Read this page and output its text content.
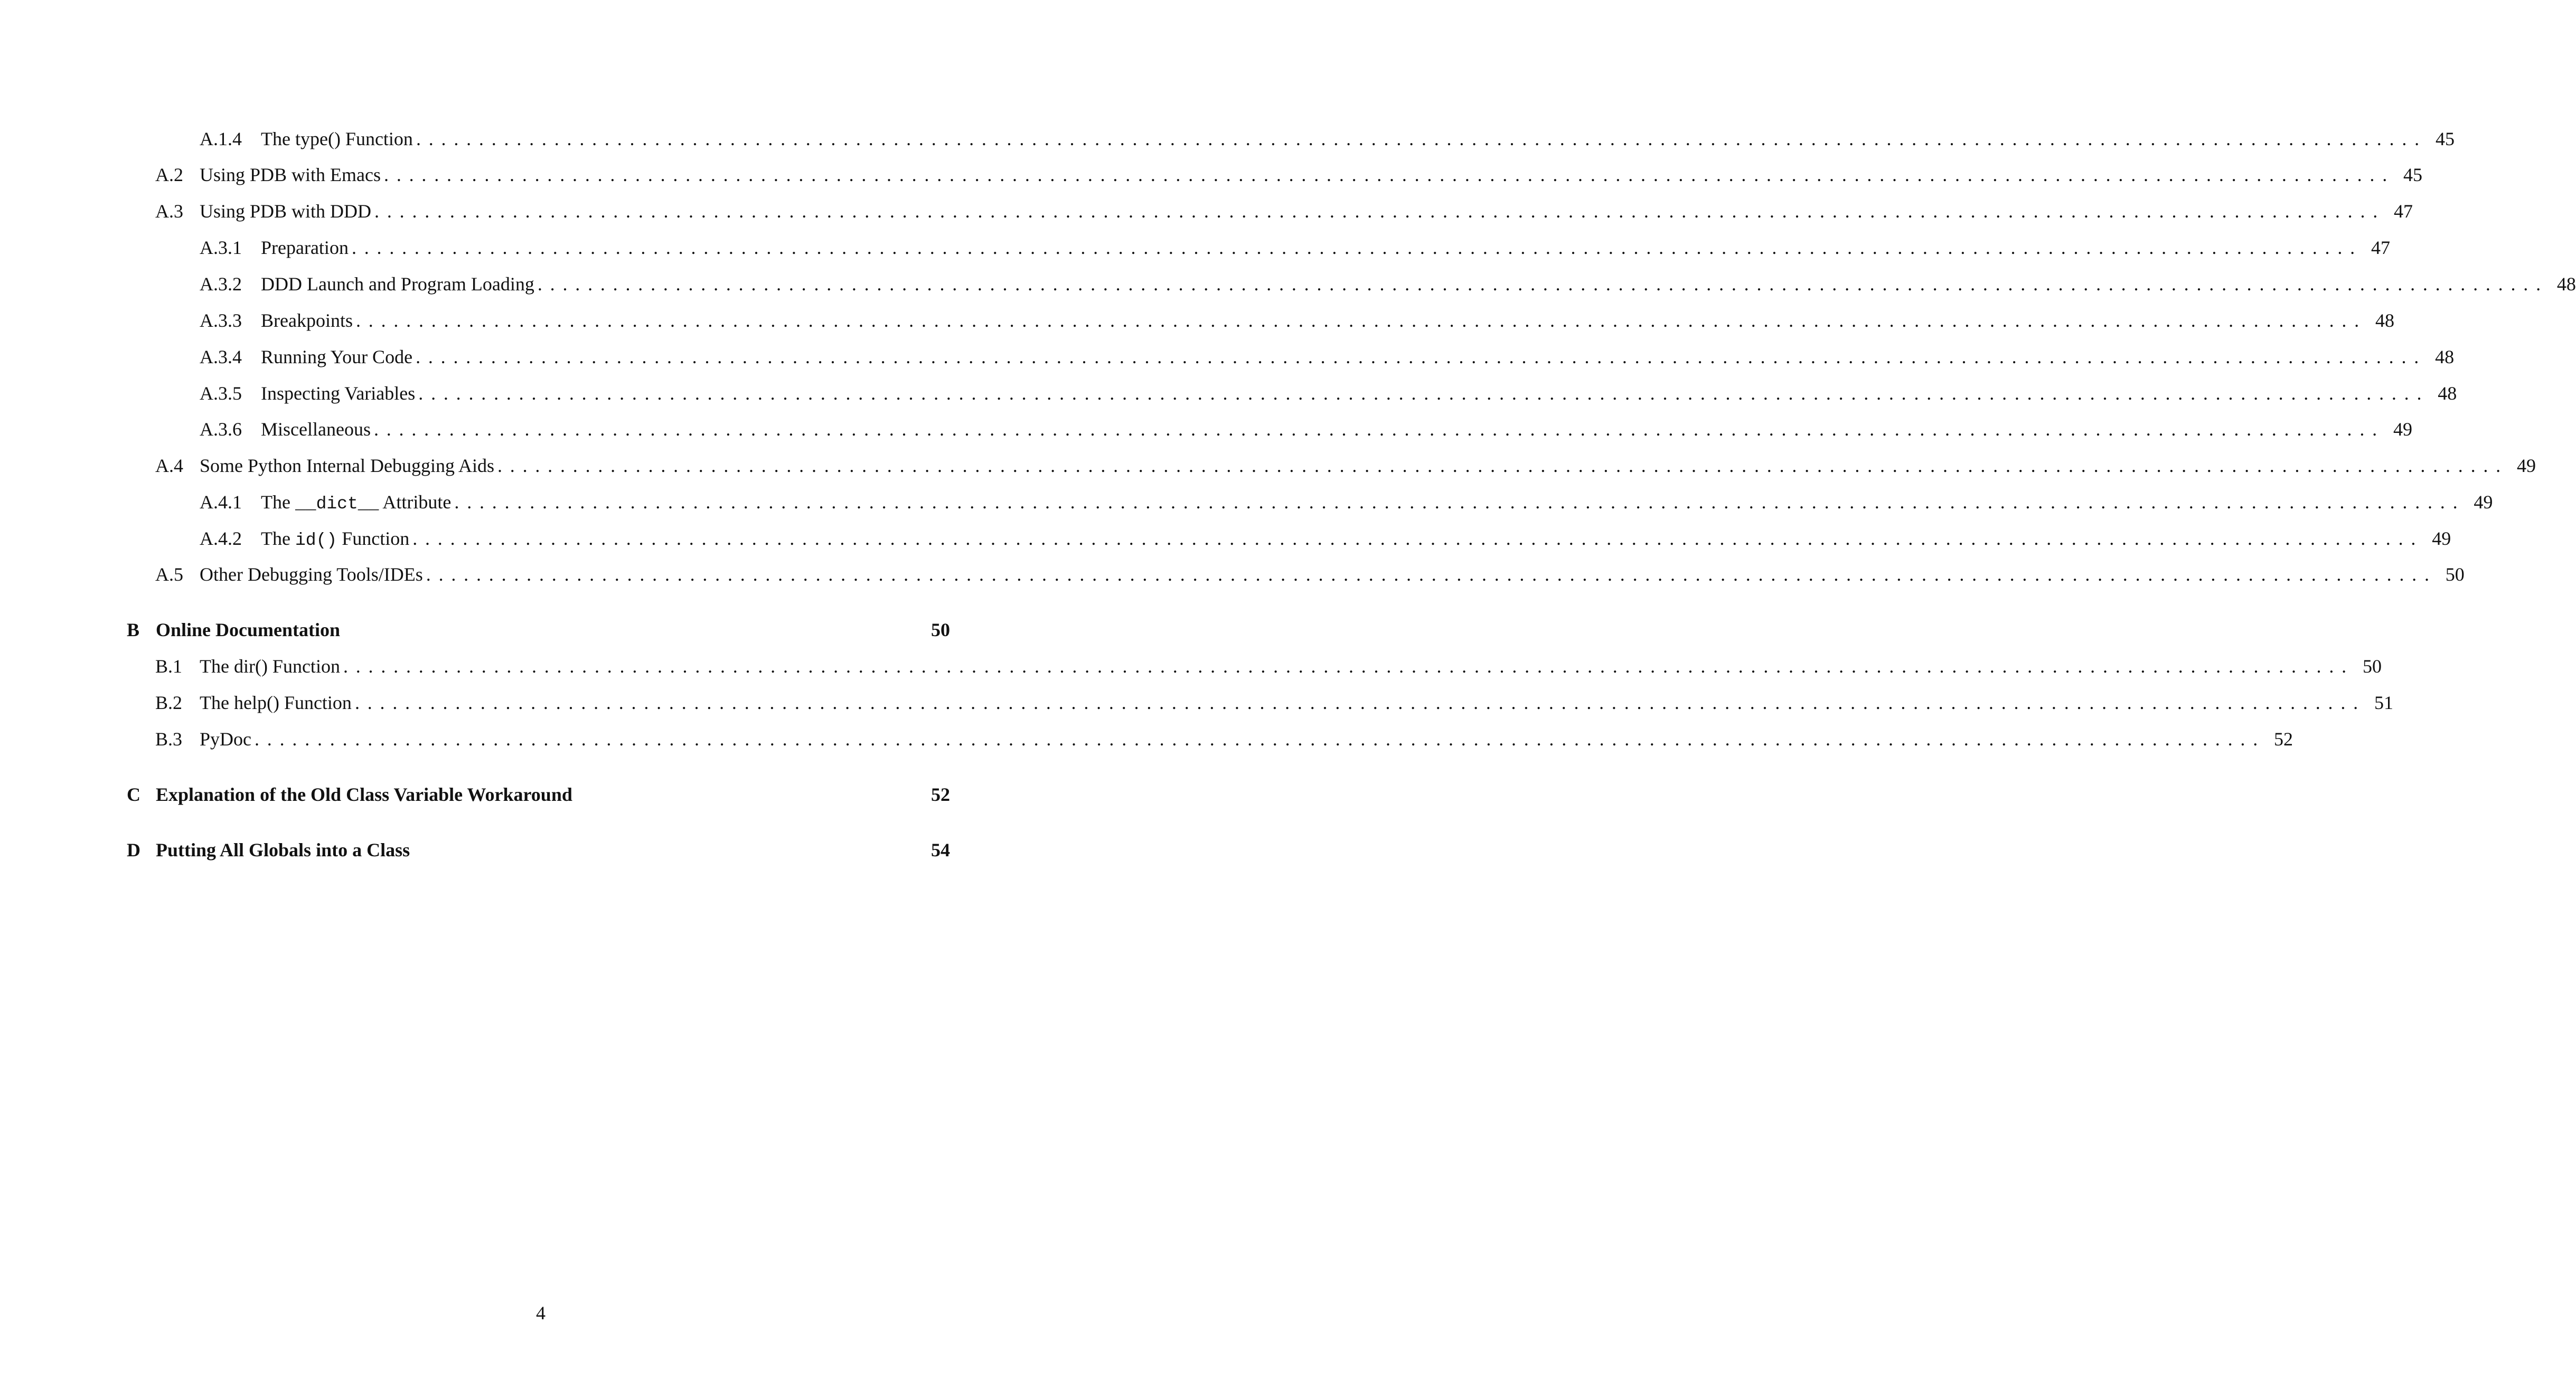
A.1.4	The type() Function ................................................................................................................................................................ 45
A.2 Using PDB with Emacs ................................................................................................................................................................ 45
A.3 Using PDB with DDD ................................................................................................................................................................ 47
A.3.1	Preparation ................................................................................................................................................................ 47
A.3.2	DDD Launch and Program Loading ................................................................................................................................................................ 48
A.3.3	Breakpoints ................................................................................................................................................................ 48
A.3.4	Running Your Code ................................................................................................................................................................ 48
A.3.5	Inspecting Variables ................................................................................................................................................................ 48
A.3.6	Miscellaneous ................................................................................................................................................................ 49
A.4 Some Python Internal Debugging Aids ................................................................................................................................................................ 49
A.4.1	The __dict__ Attribute ................................................................................................................................................................ 49
A.4.2	The id() Function ................................................................................................................................................................ 49
A.5 Other Debugging Tools/IDEs ................................................................................................................................................................ 50
B Online Documentation	50
B.1 The dir() Function ................................................................................................................................................................ 50
B.2 The help() Function ................................................................................................................................................................ 51
B.3 PyDoc ................................................................................................................................................................ 52
C Explanation of the Old Class Variable Workaround	52
D Putting All Globals into a Class	54
4
